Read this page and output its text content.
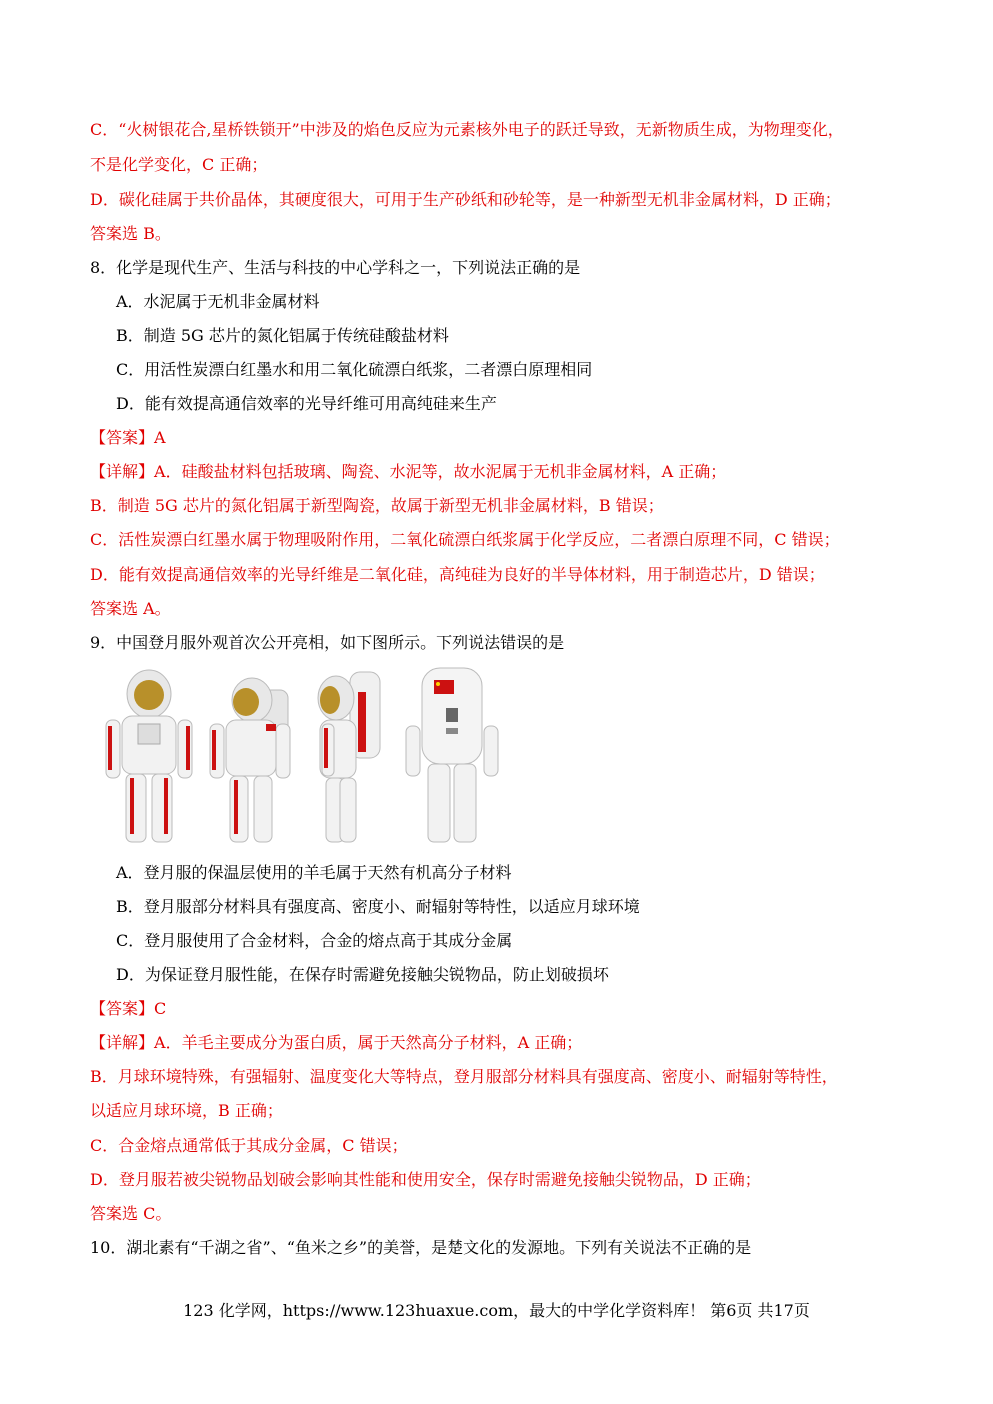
C．“火树银花合,星桥铁锁开”中涉及的焰色反应为元素核外电子的跃迁导致，无新物质生成，为物理变化，
不是化学变化，C 正确；
D．碳化硅属于共价晶体，其硬度很大，可用于生产砂纸和砂轮等，是一种新型无机非金属材料，D 正确；
答案选 B。
8．化学是现代生产、生活与科技的中心学科之一，下列说法正确的是
A．水泥属于无机非金属材料
B．制造 5G 芯片的氮化铝属于传统硅酸盐材料
C．用活性炭漂白红墨水和用二氧化硫漂白纸浆，二者漂白原理相同
D．能有效提高通信效率的光导纤维可用高纯硅来生产
【答案】A
【详解】A．硅酸盐材料包括玻璃、陶瓷、水泥等，故水泥属于无机非金属材料，A 正确；
B．制造 5G 芯片的氮化铝属于新型陶瓷，故属于新型无机非金属材料，B 错误；
C．活性炭漂白红墨水属于物理吸附作用，二氧化硫漂白纸浆属于化学反应，二者漂白原理不同，C 错误；
D．能有效提高通信效率的光导纤维是二氧化硅，高纯硅为良好的半导体材料，用于制造芯片，D 错误；
答案选 A。
9．中国登月服外观首次公开亮相，如下图所示。下列说法错误的是
A．登月服的保温层使用的羊毛属于天然有机高分子材料
B．登月服部分材料具有强度高、密度小、耐辐射等特性，以适应月球环境
C．登月服使用了合金材料，合金的熔点高于其成分金属
D．为保证登月服性能，在保存时需避免接触尖锐物品，防止划破损坏
【答案】C
【详解】A．羊毛主要成分为蛋白质，属于天然高分子材料，A 正确；
B．月球环境特殊，有强辐射、温度变化大等特点，登月服部分材料具有强度高、密度小、耐辐射等特性，
以适应月球环境，B 正确；
C．合金熔点通常低于其成分金属，C 错误；
D．登月服若被尖锐物品划破会影响其性能和使用安全，保存时需避免接触尖锐物品，D 正确；
答案选 C。
10．湖北素有“千湖之省”、“鱼米之乡”的美誉，是楚文化的发源地。下列有关说法不正确的是
123 化学网，https://www.123huaxue.com，最大的中学化学资料库！ 第6页 共17页
